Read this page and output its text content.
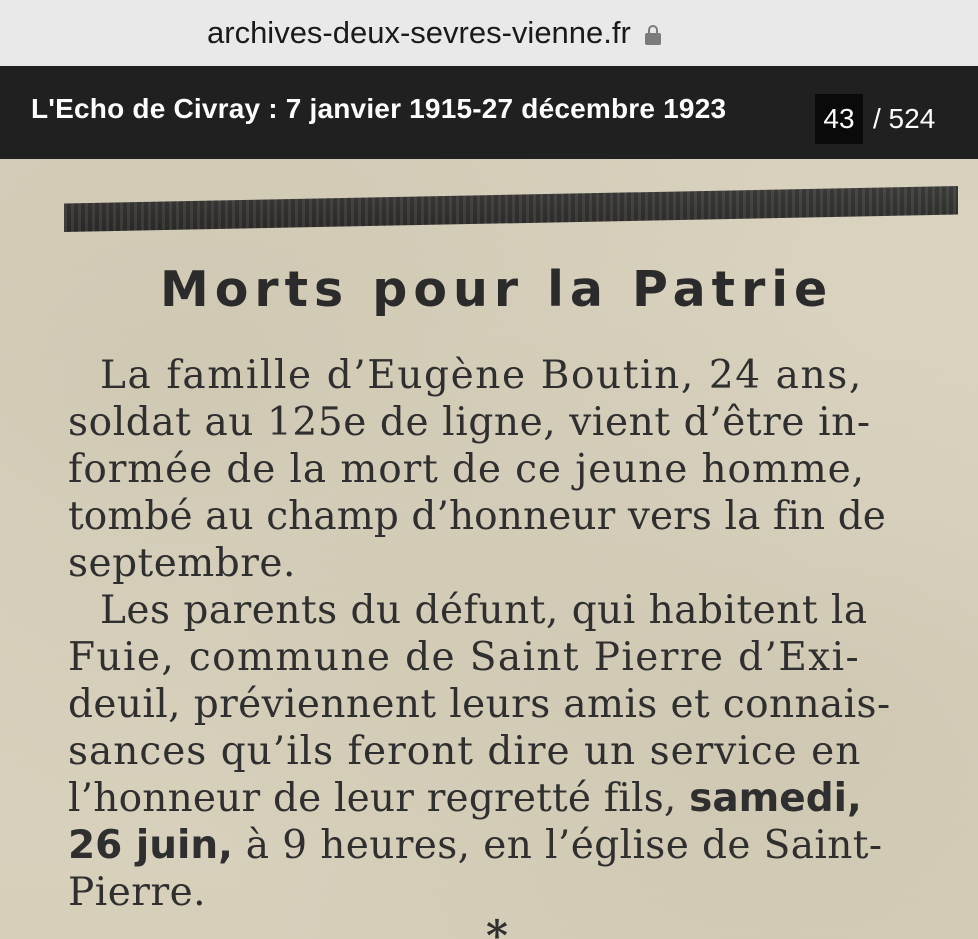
archives-deux-sevres-vienne.fr
L'Echo de Civray : 7 janvier 1915-27 décembre 1923	43 / 524
Morts pour la Patrie
La famille d’Eugène Boutin, 24 ans,
soldat au 125e de ligne, vient d’être in-
formée de la mort de ce jeune homme,
tombé au champ d’honneur vers la fin de
septembre.
Les parents du défunt, qui habitent la
Fuie, commune de Saint Pierre d’Exi-
deuil, préviennent leurs amis et connais-
sances qu’ils feront dire un service en
l’honneur de leur regretté fils, samedi,
26 juin, à 9 heures, en l’église de Saint-
Pierre.
*
